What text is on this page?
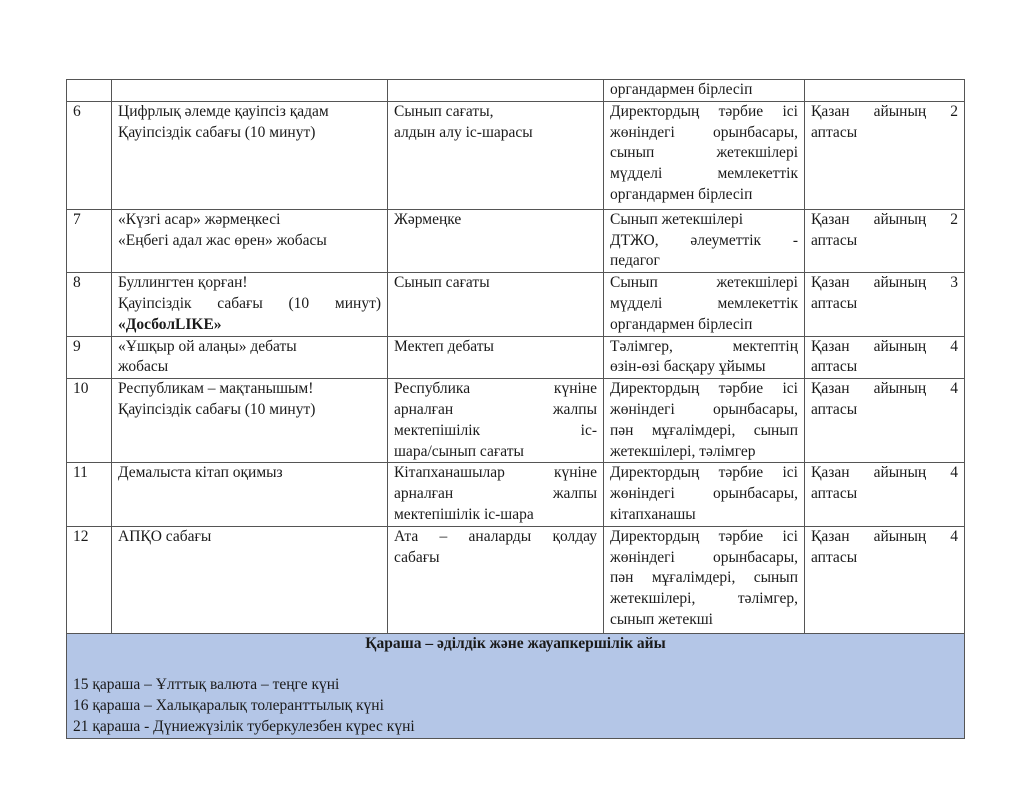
			органдармен бірлесіп	

6	Цифрлық әлемде қауіпсіз қадам
Қауіпсіздік сабағы (10 минут)	Сынып сағаты,
алдын алу іс-шарасы	Директордың тәрбие ісі
жөніндегі орынбасары,
сынып жетекшілері
мүдделі мемлекеттік
органдармен бірлесіп	Қазан айының 2
аптасы

7	«Күзгі асар» жәрмеңкесі
«Еңбегі адал жас өрен» жобасы	Жәрмеңке	Сынып жетекшілері
ДТЖО, әлеуметтік -
педагог	Қазан айының 2
аптасы

8	Буллингтен қорған!
Қауіпсіздік сабағы (10 минут)
«ДосболLIKE»	Сынып сағаты	Сынып жетекшілері
мүдделі мемлекеттік
органдармен бірлесіп	Қазан айының 3
аптасы

9	«Ұшқыр ой алаңы» дебаты
жобасы	Мектеп дебаты	Тәлімгер, мектептің
өзін-өзі басқару ұйымы	Қазан айының 4
аптасы

10	Республикам – мақтанышым!
Қауіпсіздік сабағы (10 минут)	Республика күніне
арналған жалпы
мектепішілік іс-
шара/сынып сағаты	Директордың тәрбие ісі
жөніндегі орынбасары,
пән мұғалімдері, сынып
жетекшілері, тәлімгер	Қазан айының 4
аптасы

11	Демалыста кітап оқимыз	Кітапханашылар күніне
арналған жалпы
мектепішілік іс-шара	Директордың тәрбие ісі
жөніндегі орынбасары,
кітапханашы	Қазан айының 4
аптасы

12	АПҚО сабағы	Ата – аналарды қолдау
сабағы	Директордың тәрбие ісі
жөніндегі орынбасары,
пән мұғалімдері, сынып
жетекшілері, тәлімгер,
сынып жетекші	Қазан айының 4
аптасы

Қараша – әділдік және жауапкершілік айы
15 қараша – Ұлттық валюта – теңге күні
16 қараша – Халықаралық толеранттылық күні
21 қараша - Дүниежүзілік туберкулезбен күрес күні				
